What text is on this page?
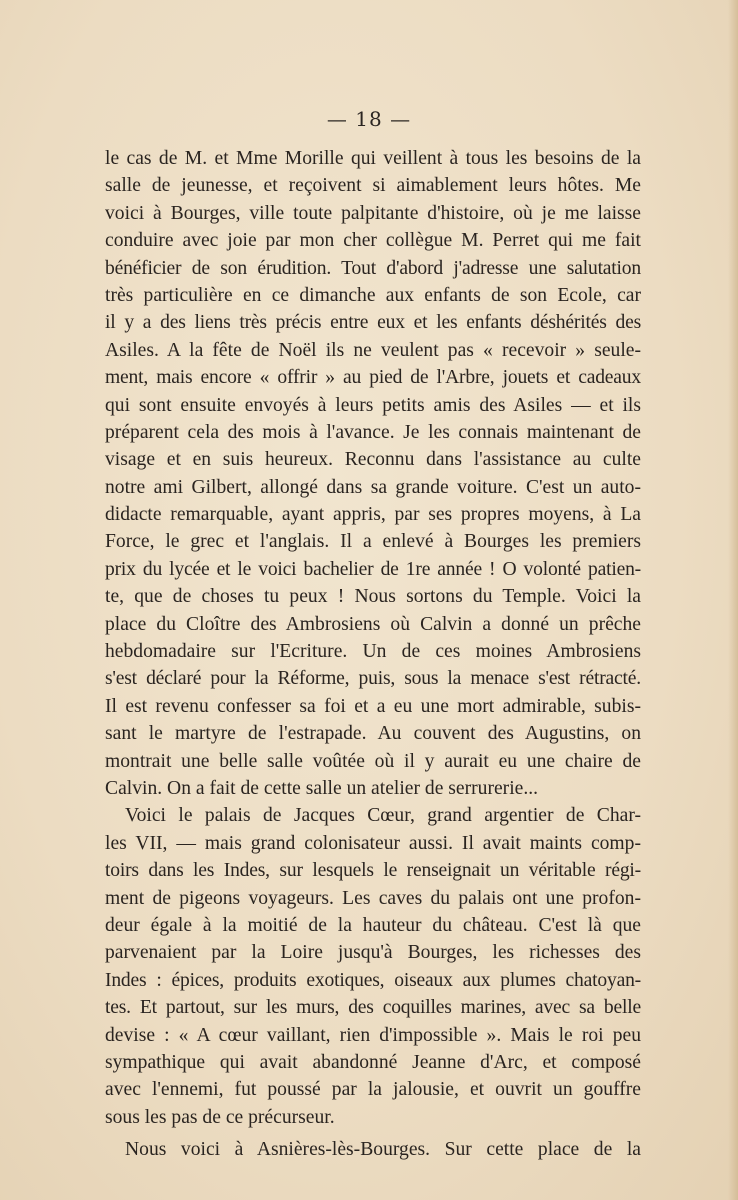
— 18 —
le cas de M. et Mme Morille qui veillent à tous les besoins de la
salle de jeunesse, et reçoivent si aimablement leurs hôtes. Me
voici à Bourges, ville toute palpitante d'histoire, où je me laisse
conduire avec joie par mon cher collègue M. Perret qui me fait
bénéficier de son érudition. Tout d'abord j'adresse une salutation
très particulière en ce dimanche aux enfants de son Ecole, car
il y a des liens très précis entre eux et les enfants déshérités des
Asiles. A la fête de Noël ils ne veulent pas « recevoir » seule-
ment, mais encore « offrir » au pied de l'Arbre, jouets et cadeaux
qui sont ensuite envoyés à leurs petits amis des Asiles — et ils
préparent cela des mois à l'avance. Je les connais maintenant de
visage et en suis heureux. Reconnu dans l'assistance au culte
notre ami Gilbert, allongé dans sa grande voiture. C'est un auto-
didacte remarquable, ayant appris, par ses propres moyens, à La
Force, le grec et l'anglais. Il a enlevé à Bourges les premiers
prix du lycée et le voici bachelier de 1re année ! O volonté patien-
te, que de choses tu peux ! Nous sortons du Temple. Voici la
place du Cloître des Ambrosiens où Calvin a donné un prêche
hebdomadaire sur l'Ecriture. Un de ces moines Ambrosiens
s'est déclaré pour la Réforme, puis, sous la menace s'est rétracté.
Il est revenu confesser sa foi et a eu une mort admirable, subis-
sant le martyre de l'estrapade. Au couvent des Augustins, on
montrait une belle salle voûtée où il y aurait eu une chaire de
Calvin. On a fait de cette salle un atelier de serrurerie...
Voici le palais de Jacques Cœur, grand argentier de Char-
les VII, — mais grand colonisateur aussi. Il avait maints comp-
toirs dans les Indes, sur lesquels le renseignait un véritable régi-
ment de pigeons voyageurs. Les caves du palais ont une profon-
deur égale à la moitié de la hauteur du château. C'est là que
parvenaient par la Loire jusqu'à Bourges, les richesses des
Indes : épices, produits exotiques, oiseaux aux plumes chatoyan-
tes. Et partout, sur les murs, des coquilles marines, avec sa belle
devise : « A cœur vaillant, rien d'impossible ». Mais le roi peu
sympathique qui avait abandonné Jeanne d'Arc, et composé
avec l'ennemi, fut poussé par la jalousie, et ouvrit un gouffre
sous les pas de ce précurseur.
Nous voici à Asnières-lès-Bourges. Sur cette place de la
